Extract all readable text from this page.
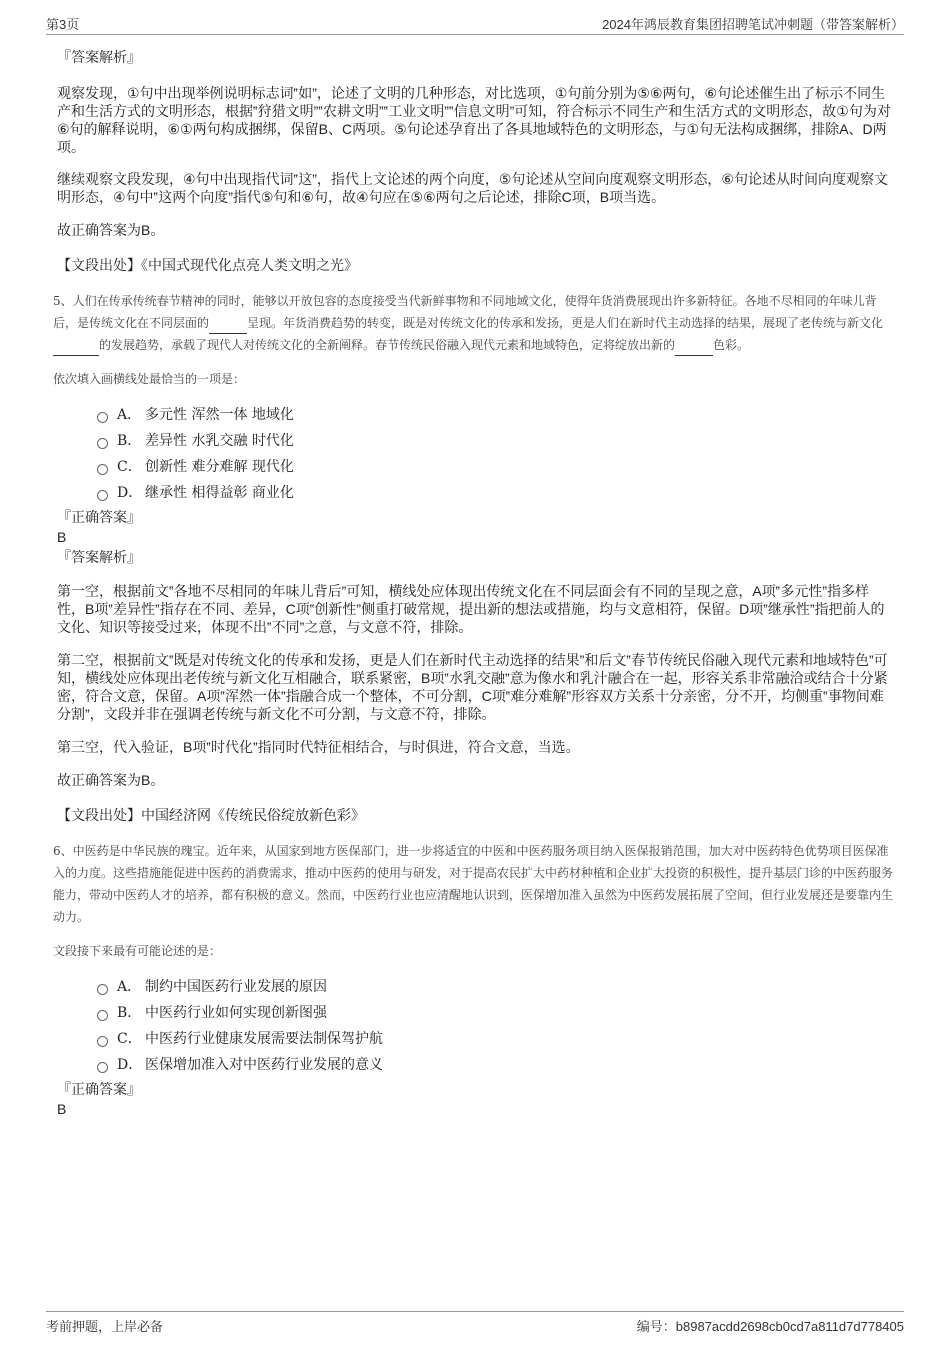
第3页	2024年鸿辰教育集团招聘笔试冲刺题（带答案解析）

『答案解析』

观察发现，①句中出现举例说明标志词‟如”，论述了文明的几种形态，对比选项，①句前分别为⑤⑥两句，⑥句论述催生出了标示不同生产和生活方式的文明形态，根据‟狩猎文明”‟农耕文明”‟工业文明”‟信息文明”可知，符合标示不同生产和生活方式的文明形态，故①句为对⑥句的解释说明，⑥①两句构成捆绑，保留B、C两项。⑤句论述孕育出了各具地域特色的文明形态，与①句无法构成捆绑，排除A、D两项。

继续观察文段发现，④句中出现指代词‟这”，指代上文论述的两个向度，⑤句论述从空间向度观察文明形态，⑥句论述从时间向度观察文明形态，④句中‟这两个向度”指代⑤句和⑥句，故④句应在⑤⑥两句之后论述，排除C项，B项当选。

故正确答案为B。

【文段出处】《中国式现代化点亮人类文明之光》

5、人们在传承传统春节精神的同时，能够以开放包容的态度接受当代新鲜事物和不同地域文化，使得年货消费展现出许多新特征。各地不尽相同的年味儿背后，是传统文化在不同层面的	呈现。年货消费趋势的转变，既是对传统文化的传承和发扬，更是人们在新时代主动选择的结果，展现了老传统与新文化的发展趋势，承载了现代人对传统文化的全新阐释。春节传统民俗融入现代元素和地域特色，定将绽放出新的	色彩。

依次填入画横线处最恰当的一项是：

A． 多元性 浑然一体 地域化
B． 差异性 水乳交融 时代化
C． 创新性 难分难解 现代化
D． 继承性 相得益彰 商业化

『正确答案』

B

『答案解析』

第一空，根据前文‟各地不尽相同的年味儿背后”可知，横线处应体现出传统文化在不同层面会有不同的呈现之意，A项‟多元性”指多样性，B项‟差异性”指存在不同、差异，C项‟创新性”侧重打破常规，提出新的想法或措施，均与文意相符，保留。D项‟继承性”指把前人的文化、知识等接受过来，体现不出‟不同”之意，与文意不符，排除。

第二空，根据前文‟既是对传统文化的传承和发扬，更是人们在新时代主动选择的结果”和后文‟春节传统民俗融入现代元素和地域特色”可知，横线处应体现出老传统与新文化互相融合，联系紧密，B项‟水乳交融”意为像水和乳汁融合在一起，形容关系非常融洽或结合十分紧密，符合文意，保留。A项‟浑然一体”指融合成一个整体，不可分割，C项‟难分难解”形容双方关系十分亲密，分不开，均侧重‟事物间难分割”，文段并非在强调老传统与新文化不可分割，与文意不符，排除。

第三空，代入验证，B项‟时代化”指同时代特征相结合，与时俱进，符合文意，当选。

故正确答案为B。

【文段出处】中国经济网《传统民俗绽放新色彩》

6、中医药是中华民族的瑰宝。近年来，从国家到地方医保部门，进一步将适宜的中医和中医药服务项目纳入医保报销范围，加大对中医药特色优势项目医保准入的力度。这些措施能促进中医药的消费需求，推动中医药的使用与研发，对于提高农民扩大中药材种植和企业扩大投资的积极性，提升基层门诊的中医药服务能力，带动中医药人才的培养，都有积极的意义。然而，中医药行业也应清醒地认识到，医保增加准入虽然为中医药发展拓展了空间，但行业发展还是要靠内生动力。

文段接下来最有可能论述的是：

A． 制约中国医药行业发展的原因
B． 中医药行业如何实现创新图强
C． 中医药行业健康发展需要法制保驾护航
D． 医保增加准入对中医药行业发展的意义

『正确答案』

B

考前押题，上岸必备	编号：b8987acdd2698cb0cd7a811d7d778405
